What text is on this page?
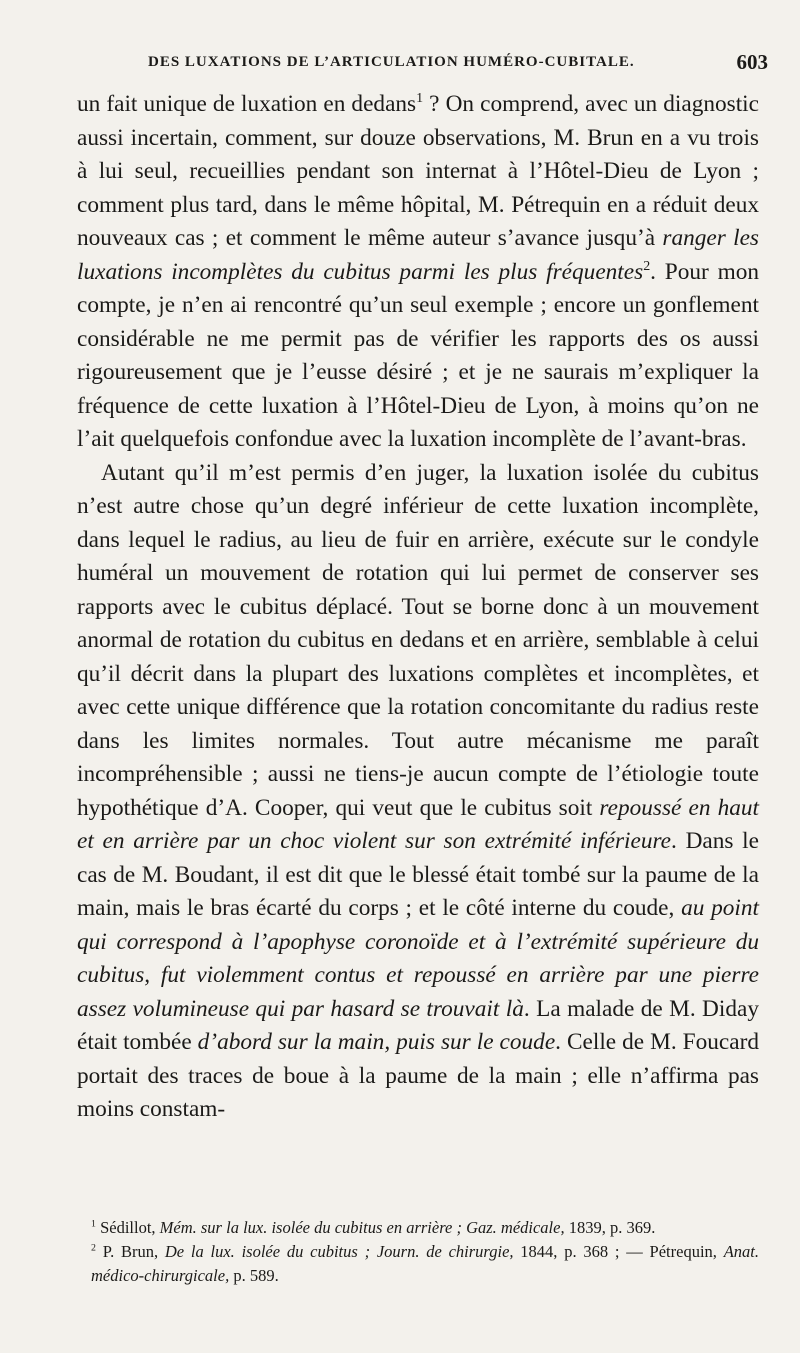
DES LUXATIONS DE L’ARTICULATION HUMÉRO-CUBITALE.	603

un fait unique de luxation en dedans$^1$ ? On comprend, avec un diagnostic aussi incertain, comment, sur douze observations, M. Brun en a vu trois à lui seul, recueillies pendant son internat à l’Hôtel-Dieu de Lyon ; comment plus tard, dans le même hôpital, M. Pétrequin en a réduit deux nouveaux cas ; et comment le même auteur s’avance jusqu’à ranger les luxations incomplètes du cubitus parmi les plus fréquentes$^2$. Pour mon compte, je n’en ai rencontré qu’un seul exemple ; encore un gonflement considérable ne me permit pas de vérifier les rapports des os aussi rigoureusement que je l’eusse désiré ; et je ne saurais m’expliquer la fréquence de cette luxation à l’Hôtel-Dieu de Lyon, à moins qu’on ne l’ait quelquefois confondue avec la luxation incomplète de l’avant-bras.

Autant qu’il m’est permis d’en juger, la luxation isolée du cubitus n’est autre chose qu’un degré inférieur de cette luxation incomplète, dans lequel le radius, au lieu de fuir en arrière, exécute sur le condyle huméral un mouvement de rotation qui lui permet de conserver ses rapports avec le cubitus déplacé. Tout se borne donc à un mouvement anormal de rotation du cubitus en dedans et en arrière, semblable à celui qu’il décrit dans la plupart des luxations complètes et incomplètes, et avec cette unique différence que la rotation concomitante du radius reste dans les limites normales. Tout autre mécanisme me paraît incompréhensible ; aussi ne tiens-je aucun compte de l’étiologie toute hypothétique d’A. Cooper, qui veut que le cubitus soit repoussé en haut et en arrière par un choc violent sur son extrémité inférieure. Dans le cas de M. Boudant, il est dit que le blessé était tombé sur la paume de la main, mais le bras écarté du corps ; et le côté interne du coude, au point qui correspond à l’apophyse coronoïde et à l’extrémité supérieure du cubitus, fut violemment contus et repoussé en arrière par une pierre assez volumineuse qui par hasard se trouvait là. La malade de M. Diday était tombée d’abord sur la main, puis sur le coude. Celle de M. Foucard portait des traces de boue à la paume de la main ; elle n’affirma pas moins constam-

$^1$ Sédillot, Mém. sur la lux. isolée du cubitus en arrière ; Gaz. médicale, 1839, p. 369.

$^2$ P. Brun, De la lux. isolée du cubitus ; Journ. de chirurgie, 1844, p. 368 ; — Pétrequin, Anat. médico-chirurgicale, p. 589.
